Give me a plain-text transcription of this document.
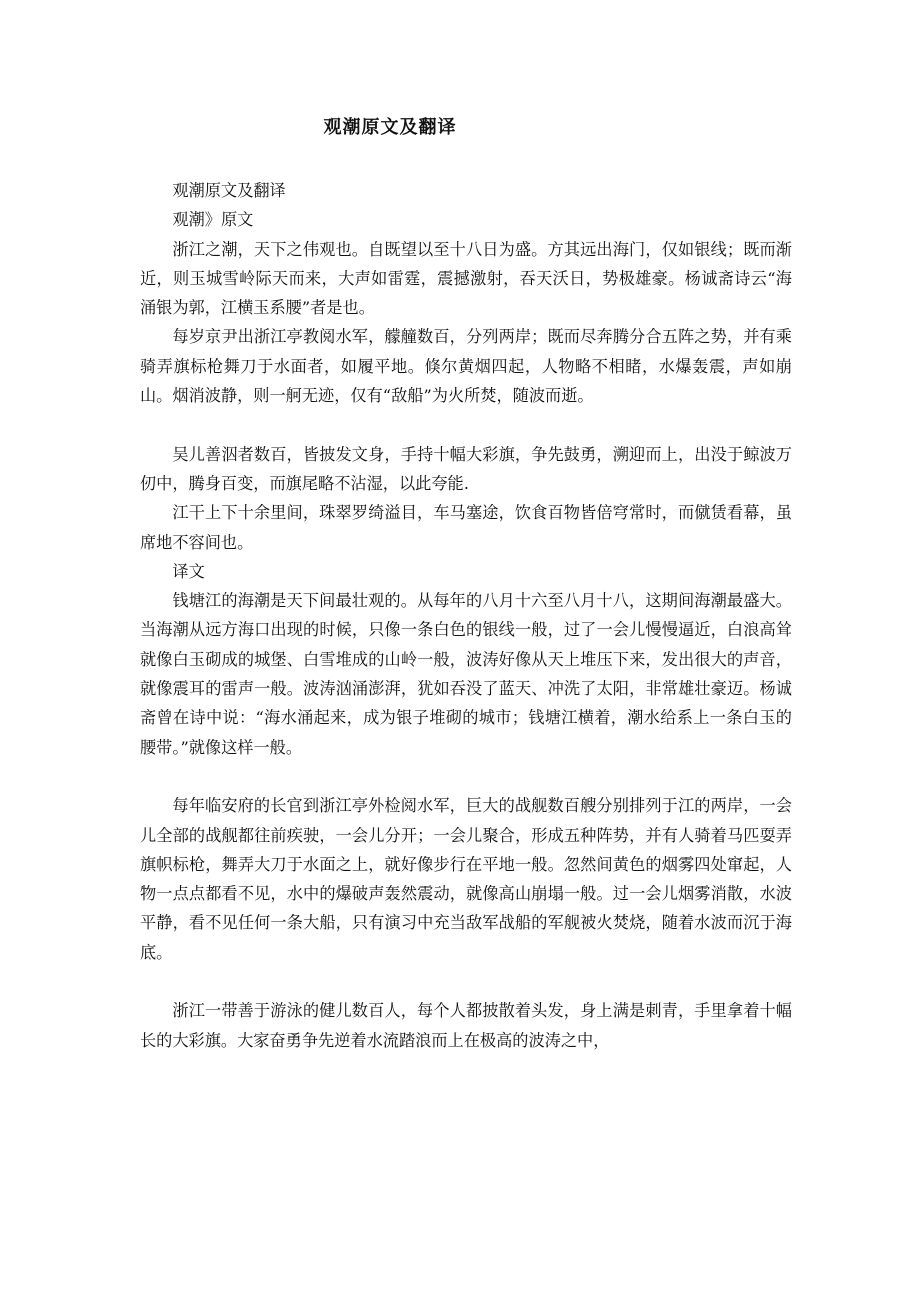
观潮原文及翻译

观潮原文及翻译

观潮》原文

浙江之潮，天下之伟观也。自既望以至十八日为盛。方其远出海门，仅如银线；既而渐近，则玉城雪岭际天而来，大声如雷霆，震撼激射，吞天沃日，势极雄豪。杨诚斋诗云“海涌银为郭，江横玉系腰”者是也。

每岁京尹出浙江亭教阅水军，艨艟数百，分列两岸；既而尽奔腾分合五阵之势，并有乘骑弄旗标枪舞刀于水面者，如履平地。倏尔黄烟四起，人物略不相睹，水爆轰震，声如崩山。烟消波静，则一舸无迹，仅有“敌船”为火所焚，随波而逝。

吴儿善泅者数百，皆披发文身，手持十幅大彩旗，争先鼓勇，溯迎而上，出没于鲸波万仞中，腾身百变，而旗尾略不沾湿，以此夸能.

江干上下十余里间，珠翠罗绮溢目，车马塞途，饮食百物皆倍穹常时，而僦赁看幕，虽席地不容间也。

译文

钱塘江的海潮是天下间最壮观的。从每年的八月十六至八月十八，这期间海潮最盛大。当海潮从远方海口出现的时候，只像一条白色的银线一般，过了一会儿慢慢逼近，白浪高耸就像白玉砌成的城堡、白雪堆成的山岭一般，波涛好像从天上堆压下来，发出很大的声音，就像震耳的雷声一般。波涛汹涌澎湃，犹如吞没了蓝天、冲洗了太阳，非常雄壮豪迈。杨诚斋曾在诗中说：“海水涌起来，成为银子堆砌的城市；钱塘江横着，潮水给系上一条白玉的腰带。”就像这样一般。

每年临安府的长官到浙江亭外检阅水军，巨大的战舰数百艘分别排列于江的两岸，一会儿全部的战舰都往前疾驶，一会儿分开；一会儿聚合，形成五种阵势，并有人骑着马匹耍弄旗帜标枪，舞弄大刀于水面之上，就好像步行在平地一般。忽然间黄色的烟雾四处窜起，人物一点点都看不见，水中的爆破声轰然震动，就像高山崩塌一般。过一会儿烟雾消散，水波平静，看不见任何一条大船，只有演习中充当敌军战船的军舰被火焚烧，随着水波而沉于海底。

浙江一带善于游泳的健儿数百人，每个人都披散着头发，身上满是刺青，手里拿着十幅长的大彩旗。大家奋勇争先逆着水流踏浪而上在极高的波涛之中，
